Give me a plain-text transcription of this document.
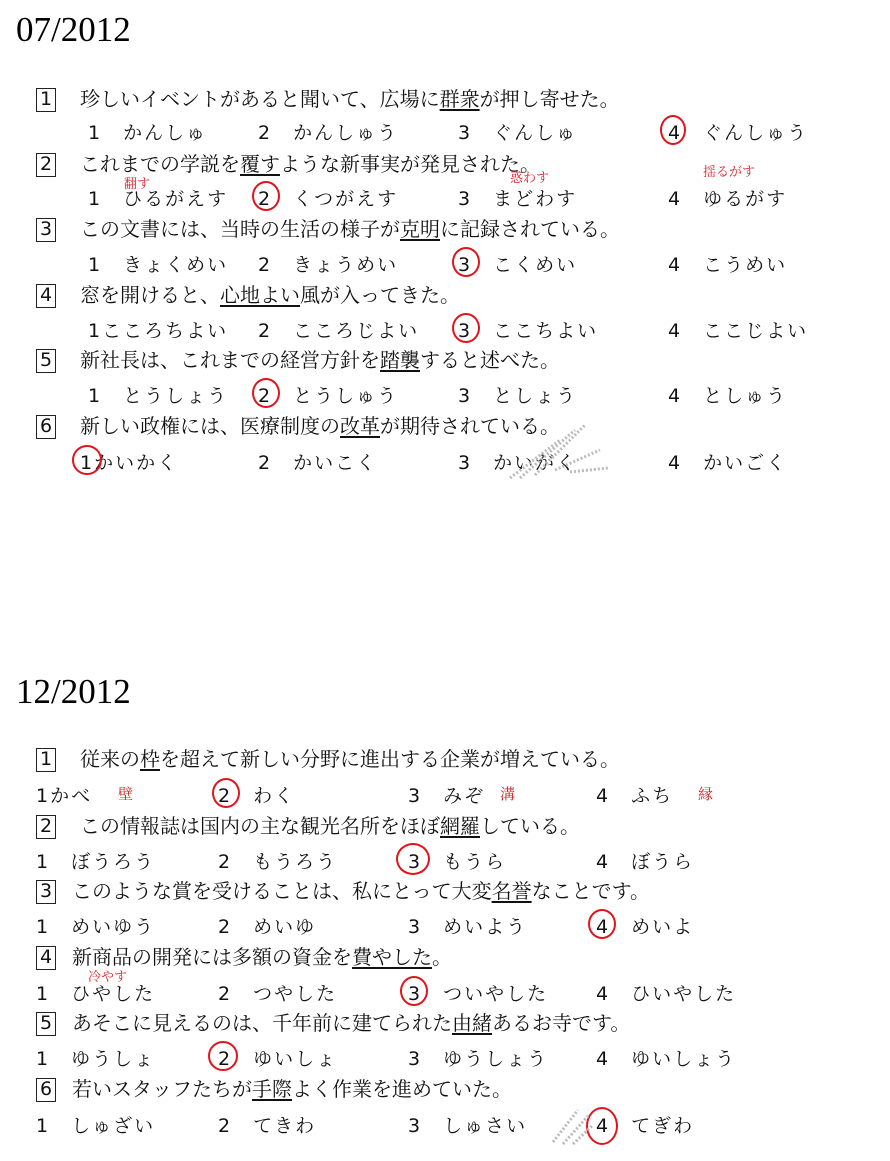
07/2012
1 珍しいイベントがあると聞いて、広場に群衆が押し寄せた。
1　かんしゅ	2　かんしゅう	3　ぐんしゅ	4　ぐんしゅう
2 これまでの学説を覆すような新事実が発見された。
翻す	惑わす	揺るがす
1　ひるがえす 2　くつがえす	3　まどわす	4　ゆるがす
3 この文書には、当時の生活の様子が克明に記録されている。
1　きょくめい 2　きょうめい	3　こくめい	4　こうめい
4 窓を開けると、心地よい風が入ってきた。
1こころちよい 2　こころじよい 3　ここちよい	4　ここじよい
5 新社長は、これまでの経営方針を踏襲すると述べた。
1　とうしょう 2　とうしゅう	3　としょう	4　としゅう
6 新しい政権には、医療制度の改革が期待されている。
1かいかく	2　かいこく	3　かいがく	4　かいごく
12/2012
1 従来の枠を超えて新しい分野に進出する企業が増えている。
1かべ 壁	2　わく	3　みぞ 溝	4　ふち 縁
2 この情報誌は国内の主な観光名所をほぼ網羅している。
1　ぼうろう	2　もうろう	3　もうら	4　ぼうら
3 このような賞を受けることは、私にとって大変名誉なことです。
1　めいゆう	2　めいゆ	3　めいよう	4　めいよ
4 新商品の開発には多額の資金を費やした。
冷やす
1　ひやした	2　つやした	3　ついやした	4　ひいやした
5 あそこに見えるのは、千年前に建てられた由緒あるお寺です。
1　ゆうしょ	2　ゆいしょ	3　ゆうしょう	4　ゆいしょう
6 若いスタッフたちが手際よく作業を進めていた。
1　しゅざい	2　てきわ	3　しゅさい	4　てぎわ
